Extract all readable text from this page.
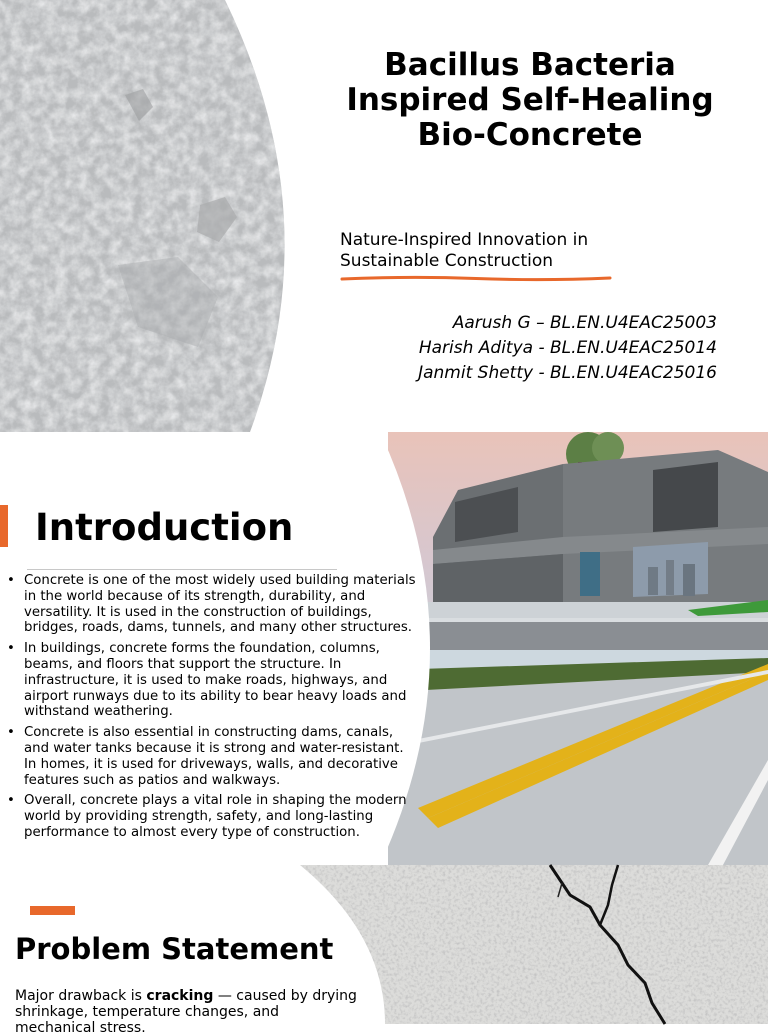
Bacillus Bacteria Inspired Self-Healing Bio-Concrete

Nature-Inspired Innovation in Sustainable Construction

Aarush G – BL.EN.U4EAC25003
Harish Aditya - BL.EN.U4EAC25014
Janmit Shetty - BL.EN.U4EAC25016
Introduction
• Concrete is one of the most widely used building materials in the world because of its strength, durability, and versatility. It is used in the construction of buildings, bridges, roads, dams, tunnels, and many other structures.
• In buildings, concrete forms the foundation, columns, beams, and floors that support the structure. In infrastructure, it is used to make roads, highways, and airport runways due to its ability to bear heavy loads and withstand weathering.
• Concrete is also essential in constructing dams, canals, and water tanks because it is strong and water-resistant. In homes, it is used for driveways, walls, and decorative features such as patios and walkways.
• Overall, concrete plays a vital role in shaping the modern world by providing strength, safety, and long-lasting performance to almost every type of construction.
Problem Statement

Major drawback is cracking — caused by drying shrinkage, temperature changes, and mechanical stress.
